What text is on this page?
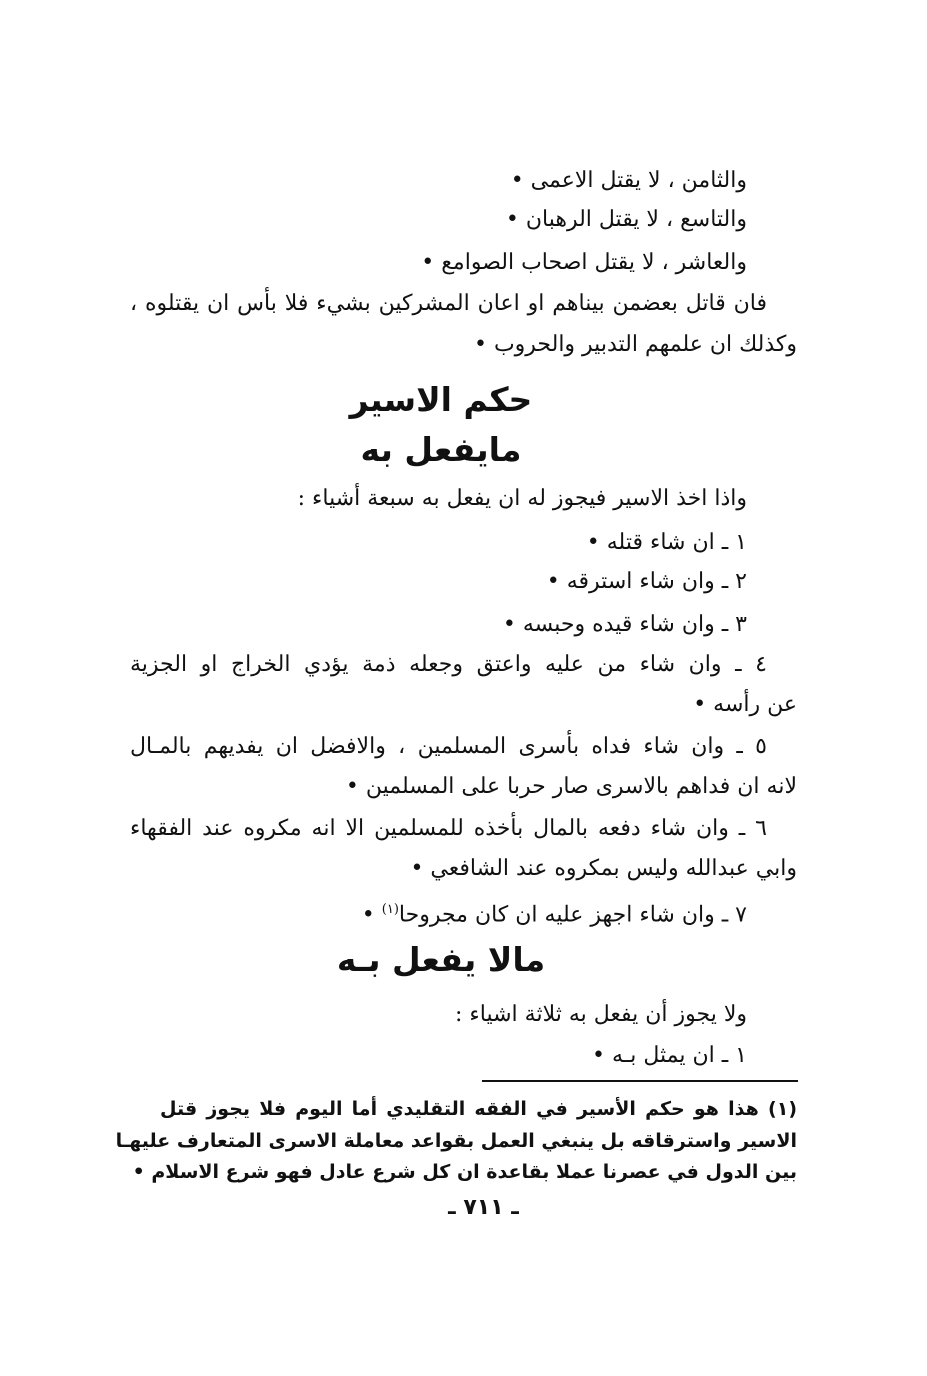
والثامن ، لا يقتل الاعمى •
والتاسع ، لا يقتل الرهبان •
والعاشر ، لا يقتل اصحاب الصوامع •
فان قاتل بعضمن بيناهم او اعان المشركين بشيء فلا بأس ان يقتلوه ،
وكذلك ان علمهم التدبير والحروب •
حكم الاسير
مايفعل به
واذا اخذ الاسير فيجوز له ان يفعل به سبعة أشياء :
١ ـ ان شاء قتله •
٢ ـ وان شاء استرقه •
٣ ـ وان شاء قيده وحبسه •
٤ ـ وان شاء من عليه واعتق وجعله ذمة يؤدي الخراج او الجزية
عن رأسه •
٥ ـ وان شاء فداه بأسرى المسلمين ، والافضل ان يفديهم بالمـال
لانه ان فداهم بالاسرى صار حربا على المسلمين •
٦ ـ وان شاء دفعه بالمال بأخذه للمسلمين الا انه مكروه عند الفقهاء
وابي عبدالله وليس بمكروه عند الشافعي •
٧ ـ وان شاء اجهز عليه ان كان مجروحا$^{(١)}$ •
مالا يفعل بـه
ولا يجوز أن يفعل به ثلاثة اشياء :
١ ـ ان يمثل بـه •
(١) هذا هو حكم الأسير في الفقه التقليدي أما اليوم فلا يجوز قتل
الاسير واسترقاقه بل ينبغي العمل بقواعد معاملة الاسرى المتعارف عليهـا
بين الدول في عصرنا عملا بقاعدة ان كل شرع عادل فهو شرع الاسلام •
ـ ٧١١ ـ
